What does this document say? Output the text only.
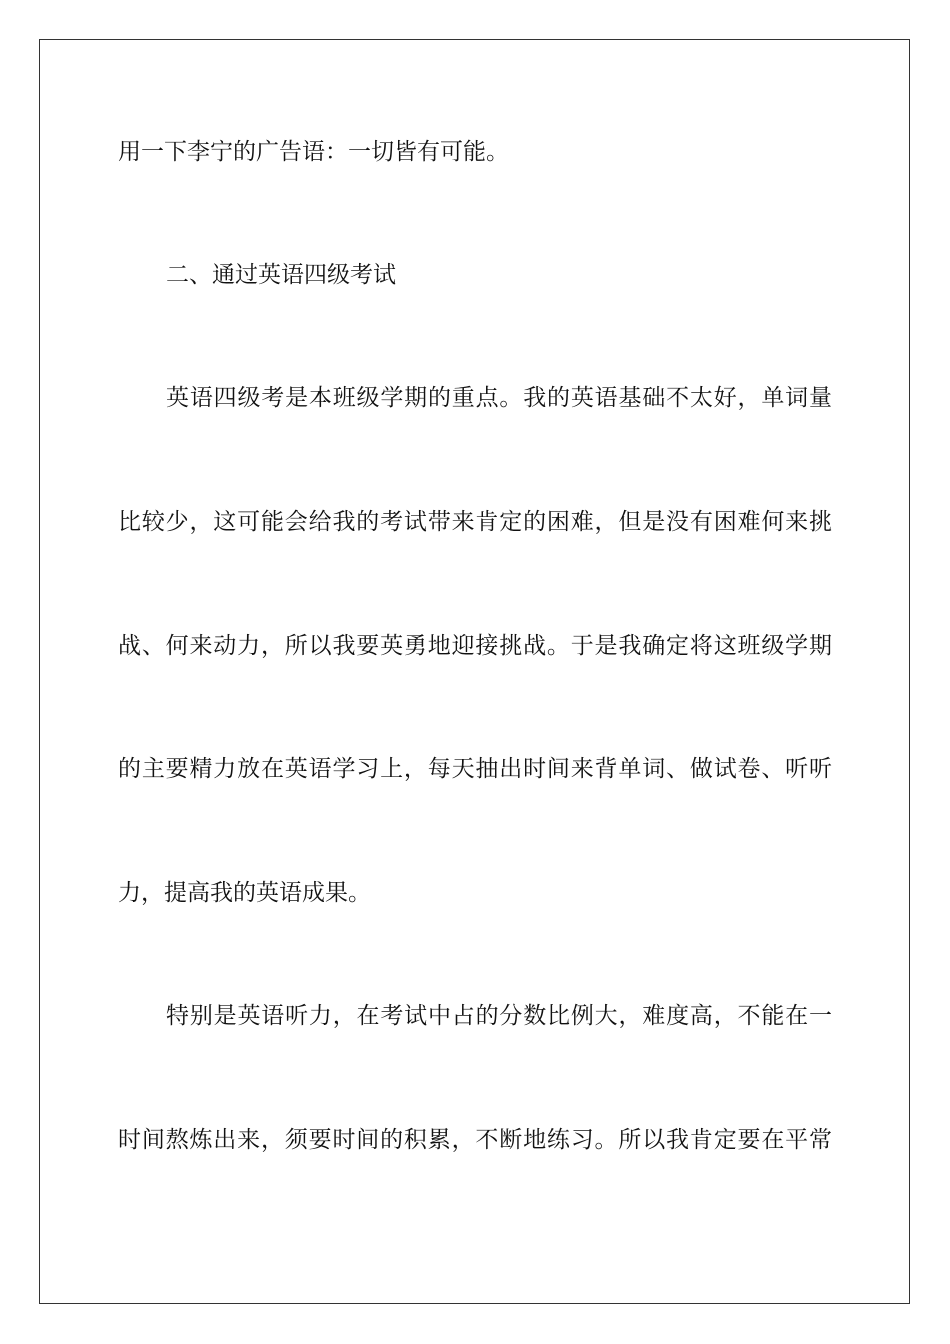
用一下李宁的广告语：一切皆有可能。

二、通过英语四级考试

英语四级考是本班级学期的重点。我的英语基础不太好，单词量

比较少，这可能会给我的考试带来肯定的困难，但是没有困难何来挑

战、何来动力，所以我要英勇地迎接挑战。于是我确定将这班级学期

的主要精力放在英语学习上，每天抽出时间来背单词、做试卷、听听

力，提高我的英语成果。

特别是英语听力，在考试中占的分数比例大，难度高，不能在一

时间熬炼出来，须要时间的积累，不断地练习。所以我肯定要在平常
